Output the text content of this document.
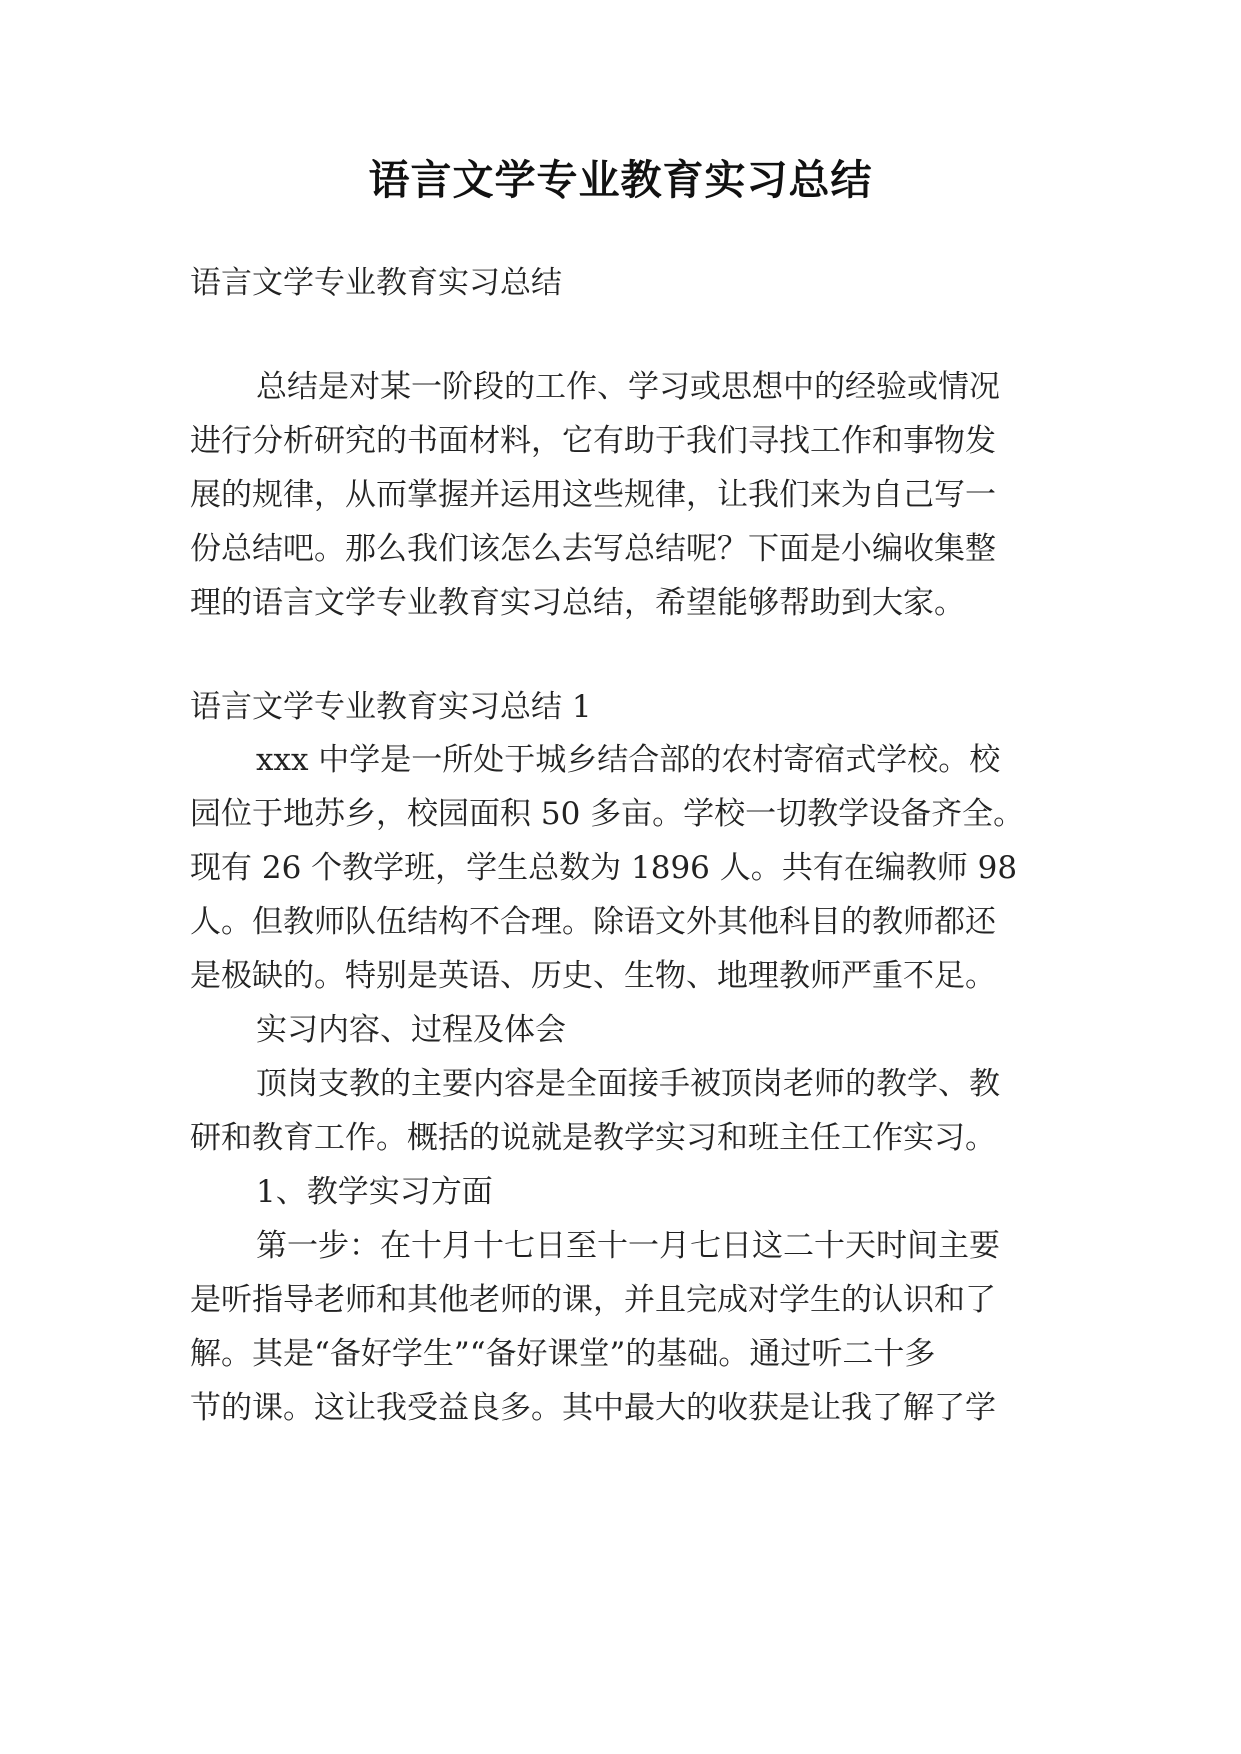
语言文学专业教育实习总结
语言文学专业教育实习总结
总结是对某一阶段的工作、学习或思想中的经验或情况
进行分析研究的书面材料，它有助于我们寻找工作和事物发
展的规律，从而掌握并运用这些规律，让我们来为自己写一
份总结吧。那么我们该怎么去写总结呢？下面是小编收集整
理的语言文学专业教育实习总结，希望能够帮助到大家。
语言文学专业教育实习总结 1
xxx 中学是一所处于城乡结合部的农村寄宿式学校。校
园位于地苏乡，校园面积 50 多亩。学校一切教学设备齐全。
现有 26 个教学班，学生总数为 1896 人。共有在编教师 98
人。但教师队伍结构不合理。除语文外其他科目的教师都还
是极缺的。特别是英语、历史、生物、地理教师严重不足。
实习内容、过程及体会
顶岗支教的主要内容是全面接手被顶岗老师的教学、教
研和教育工作。概括的说就是教学实习和班主任工作实习。
1、教学实习方面
第一步：在十月十七日至十一月七日这二十天时间主要
是听指导老师和其他老师的课，并且完成对学生的认识和了
解。其是“备好学生”“备好课堂”的基础。通过听二十多
节的课。这让我受益良多。其中最大的收获是让我了解了学
